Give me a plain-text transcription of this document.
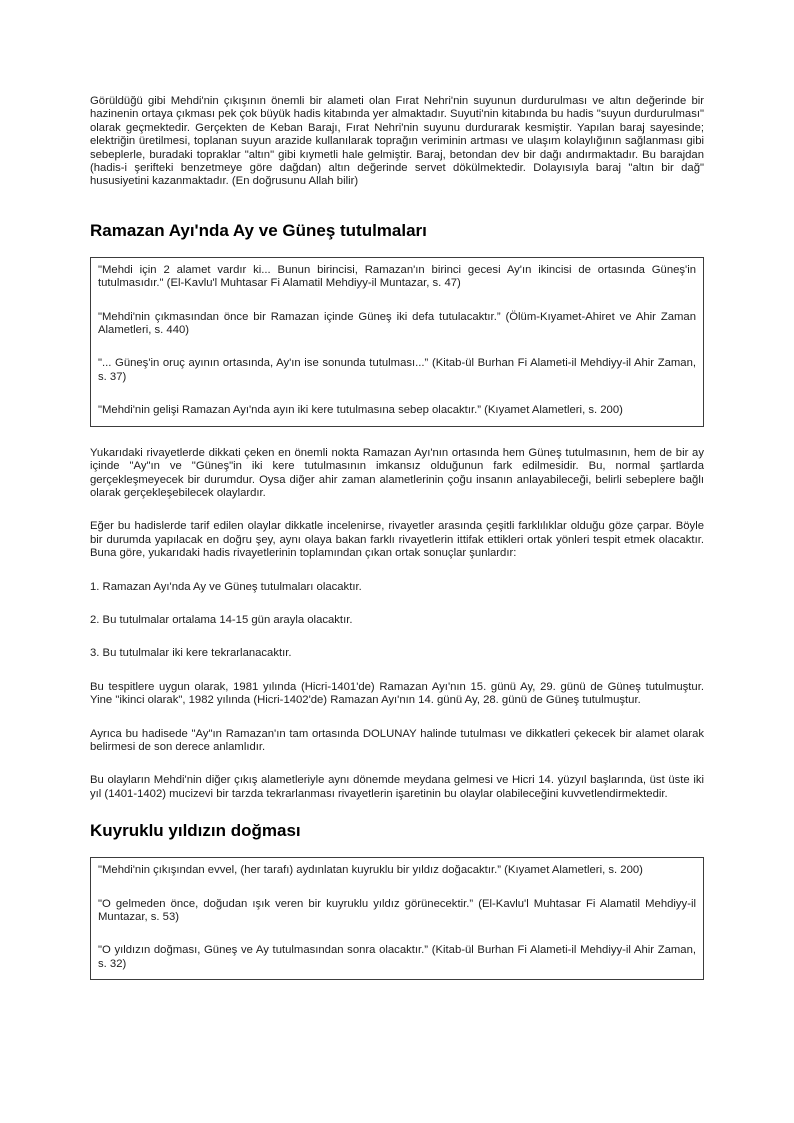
Görüldüğü gibi Mehdi'nin çıkışının önemli bir alameti olan Fırat Nehri'nin suyunun durdurulması ve altın değerinde bir hazinenin ortaya çıkması pek çok büyük hadis kitabında yer almaktadır. Suyuti'nin kitabında bu hadis "suyun durdurulması" olarak geçmektedir. Gerçekten de Keban Barajı, Fırat Nehri'nin suyunu durdurarak kesmiştir. Yapılan baraj sayesinde; elektriğin üretilmesi, toplanan suyun arazide kullanılarak toprağın veriminin artması ve ulaşım kolaylığının sağlanması gibi sebeplerle, buradaki topraklar "altın" gibi kıymetli hale gelmiştir. Baraj, betondan dev bir dağı andırmaktadır. Bu barajdan (hadis-i şerifteki benzetmeye göre dağdan) altın değerinde servet dökülmektedir. Dolayısıyla baraj "altın bir dağ" hususiyetini kazanmaktadır. (En doğrusunu Allah bilir)

Ramazan Ayı'nda Ay ve Güneş tutulmaları

"Mehdi için 2 alamet vardır ki... Bunun birincisi, Ramazan'ın birinci gecesi Ay'ın ikincisi de ortasında Güneş'in tutulmasıdır." (El-Kavlu'l Muhtasar Fi Alamatil Mehdiyy-il Muntazar, s. 47)

"Mehdi'nin çıkmasından önce bir Ramazan içinde Güneş iki defa tutulacaktır.” (Ölüm-Kıyamet-Ahiret ve Ahir Zaman Alametleri, s. 440)

"... Güneş'in oruç ayının ortasında, Ay'ın ise sonunda tutulması...” (Kitab-ül Burhan Fi Alameti-il Mehdiyy-il Ahir Zaman, s. 37)

"Mehdi'nin gelişi Ramazan Ayı'nda ayın iki kere tutulmasına sebep olacaktır.” (Kıyamet Alametleri, s. 200)

Yukarıdaki rivayetlerde dikkati çeken en önemli nokta Ramazan Ayı'nın ortasında hem Güneş tutulmasının, hem de bir ay içinde "Ay"ın ve "Güneş"in iki kere tutulmasının imkansız olduğunun fark edilmesidir. Bu, normal şartlarda gerçekleşmeyecek bir durumdur. Oysa diğer ahir zaman alametlerinin çoğu insanın anlayabileceği, belirli sebeplere bağlı olarak gerçekleşebilecek olaylardır.

Eğer bu hadislerde tarif edilen olaylar dikkatle incelenirse, rivayetler arasında çeşitli farklılıklar olduğu göze çarpar. Böyle bir durumda yapılacak en doğru şey, aynı olaya bakan farklı rivayetlerin ittifak ettikleri ortak yönleri tespit etmek olacaktır. Buna göre, yukarıdaki hadis rivayetlerinin toplamından çıkan ortak sonuçlar şunlardır:

1. Ramazan Ayı'nda Ay ve Güneş tutulmaları olacaktır.

2. Bu tutulmalar ortalama 14-15 gün arayla olacaktır.

3. Bu tutulmalar iki kere tekrarlanacaktır.

Bu tespitlere uygun olarak, 1981 yılında (Hicri-1401'de) Ramazan Ayı'nın 15. günü Ay, 29. günü de Güneş tutulmuştur. Yine "ikinci olarak", 1982 yılında (Hicri-1402'de) Ramazan Ayı'nın 14. günü Ay, 28. günü de Güneş tutulmuştur.

Ayrıca bu hadisede "Ay"ın Ramazan'ın tam ortasında DOLUNAY halinde tutulması ve dikkatleri çekecek bir alamet olarak belirmesi de son derece anlamlıdır.

Bu olayların Mehdi'nin diğer çıkış alametleriyle aynı dönemde meydana gelmesi ve Hicri 14. yüzyıl başlarında, üst üste iki yıl (1401-1402) mucizevi bir tarzda tekrarlanması rivayetlerin işaretinin bu olaylar olabileceğini kuvvetlendirmektedir.

Kuyruklu yıldızın doğması

"Mehdi'nin çıkışından evvel, (her tarafı) aydınlatan kuyruklu bir yıldız doğacaktır.” (Kıyamet Alametleri, s. 200)

"O gelmeden önce, doğudan ışık veren bir kuyruklu yıldız görünecektir.” (El-Kavlu'l Muhtasar Fi Alamatil Mehdiyy-il Muntazar, s. 53)

"O yıldızın doğması, Güneş ve Ay tutulmasından sonra olacaktır.” (Kitab-ül Burhan Fi Alameti-il Mehdiyy-il Ahir Zaman, s. 32)
